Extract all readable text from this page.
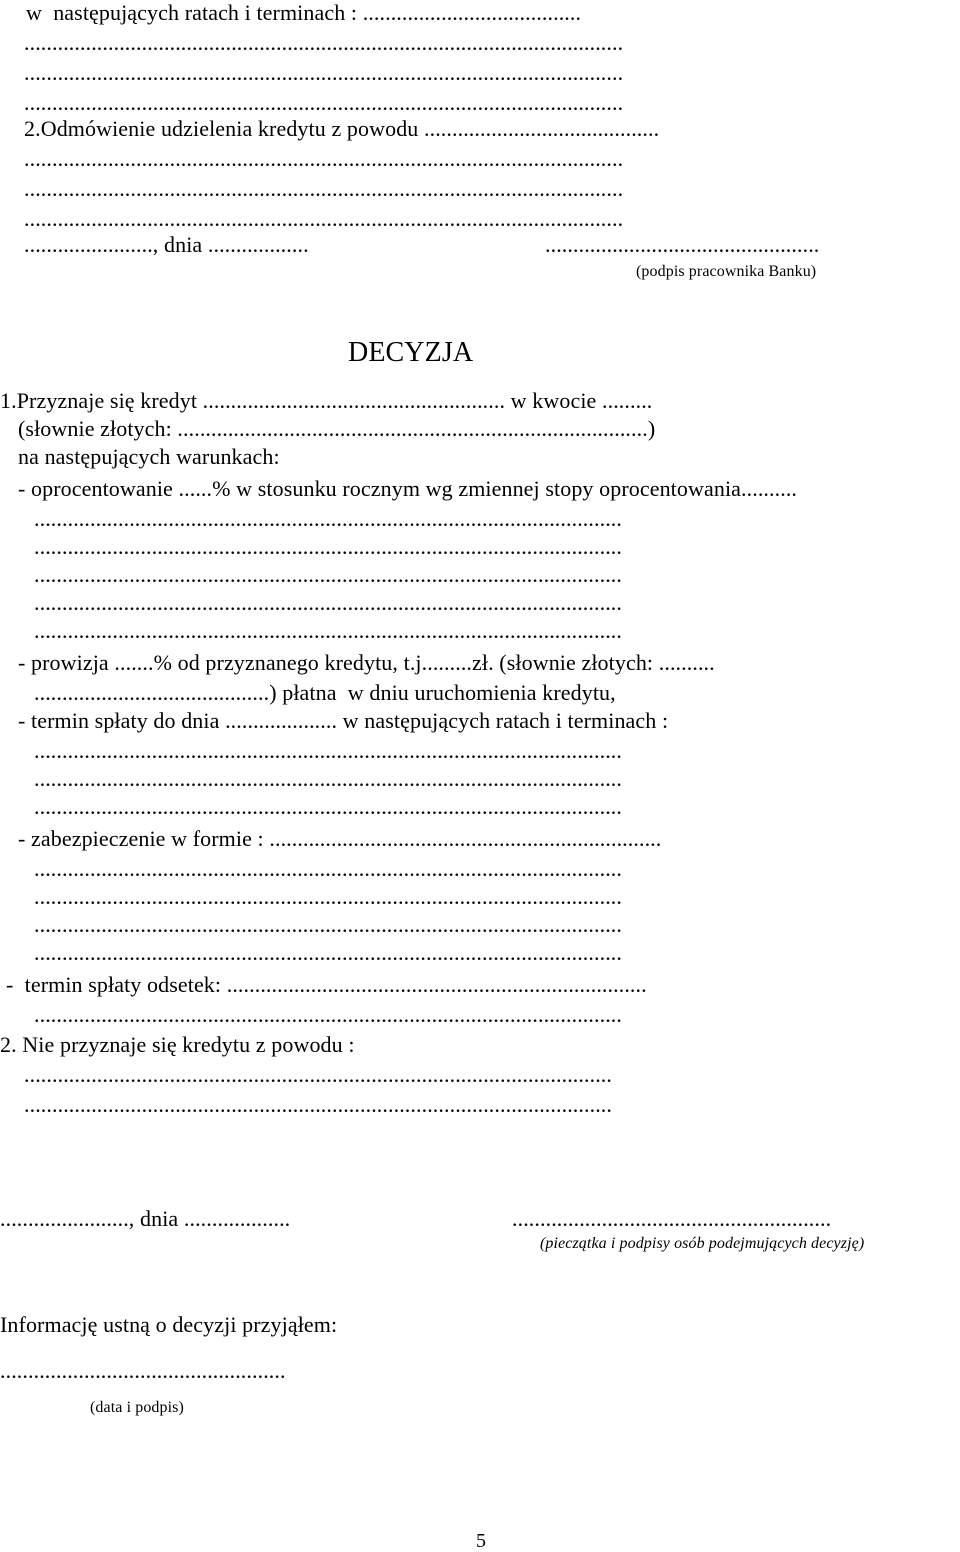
w  następujących ratach i terminach : .......................................
...........................................................................................................
...........................................................................................................
...........................................................................................................
2.Odmówienie udzielenia kredytu z powodu ..........................................
...........................................................................................................
...........................................................................................................
...........................................................................................................
......................., dnia ..................	.................................................
(podpis pracownika Banku)
DECYZJA
1.Przyznaje się kredyt ...................................................... w kwocie .........
(słownie złotych: ....................................................................................)
na następujących warunkach:
- oprocentowanie ......% w stosunku rocznym wg zmiennej stopy oprocentowania..........
.........................................................................................................
.........................................................................................................
.........................................................................................................
.........................................................................................................
.........................................................................................................
- prowizja .......% od przyznanego kredytu, t.j.........zł. (słownie złotych: ..........
..........................................) płatna  w dniu uruchomienia kredytu,
- termin spłaty do dnia .................... w następujących ratach i terminach :
.........................................................................................................
.........................................................................................................
.........................................................................................................
- zabezpieczenie w formie : ......................................................................
.........................................................................................................
.........................................................................................................
.........................................................................................................
.........................................................................................................
-  termin spłaty odsetek: ...........................................................................
.........................................................................................................
2. Nie przyznaje się kredytu z powodu :
.........................................................................................................
.........................................................................................................
......................., dnia ...................	.........................................................
(pieczątka i podpisy osób podejmujących decyzję)
Informację ustną o decyzji przyjąłem:
...................................................
(data i podpis)
5
